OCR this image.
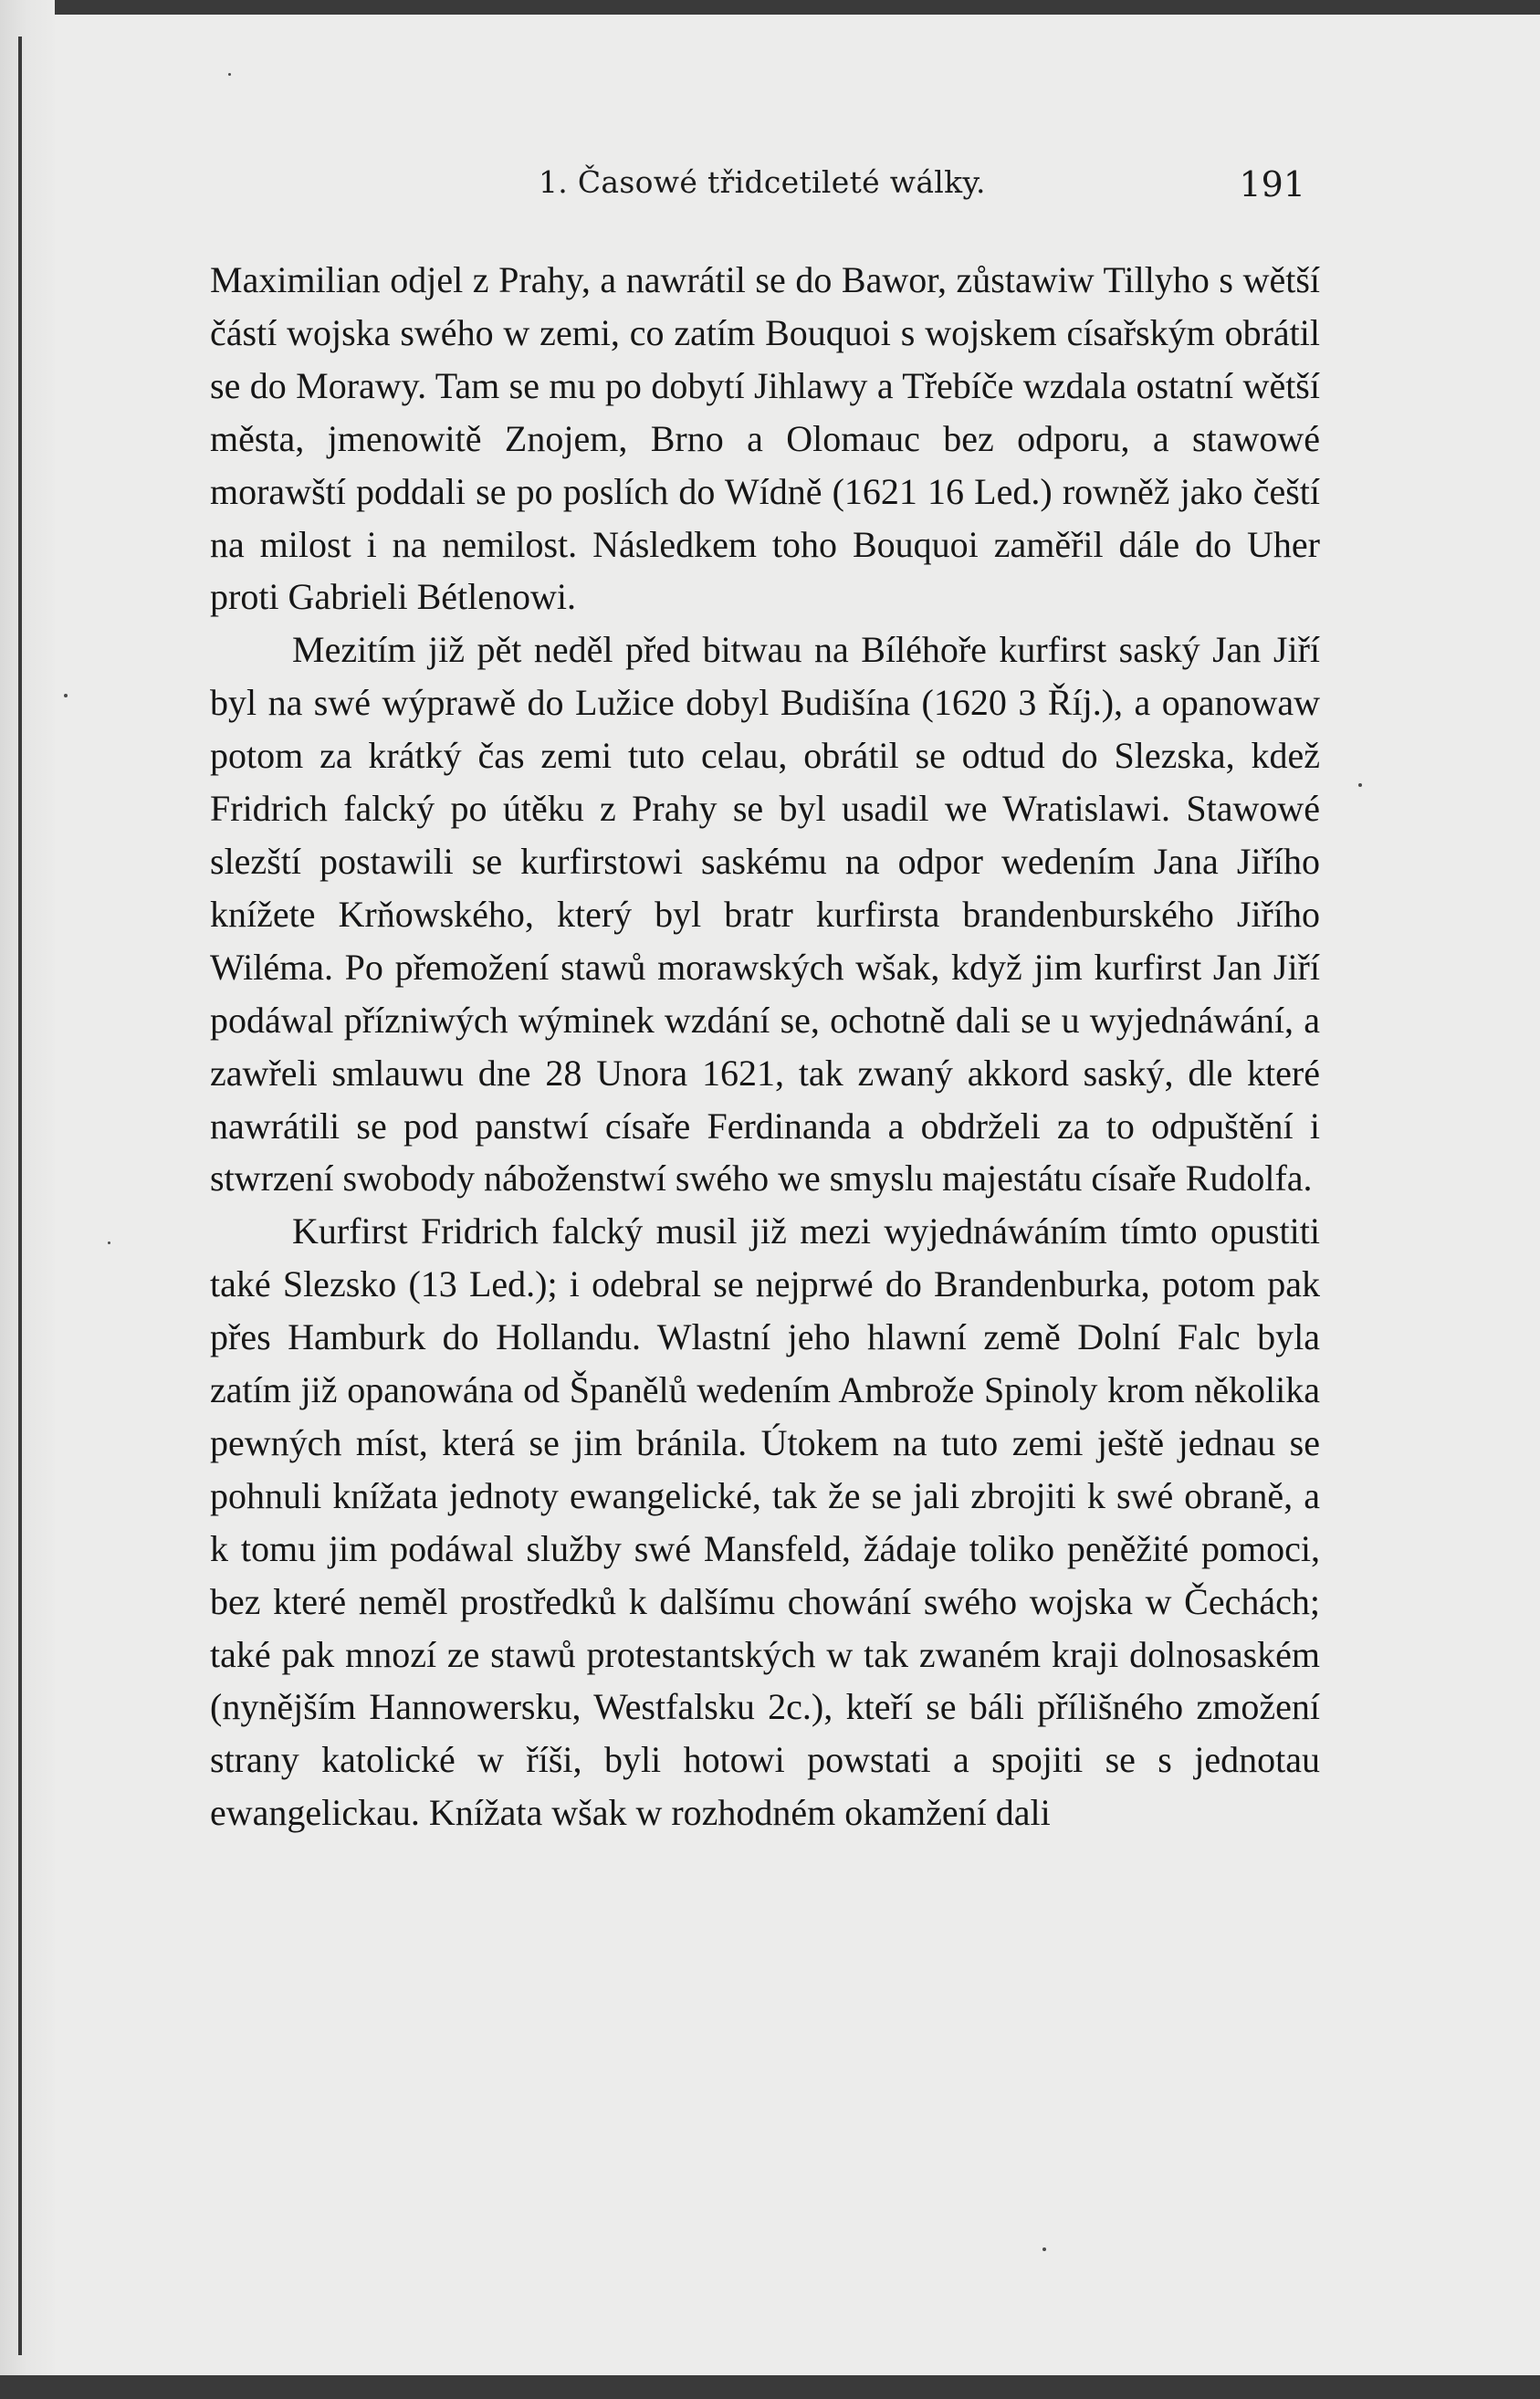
1. Časowé třidcetileté wálky.	191

Maximilian odjel z Prahy, a nawrátil se do Bawor, zůstawiw Tillyho s wětší částí wojska swého w zemi, co zatím Bouquoi s wojskem císařským obrátil se do Morawy. Tam se mu po dobytí Jihlawy a Třebíče wzdala ostatní wětší města, jmenowitě Znojem, Brno a Olomauc bez odporu, a stawowé morawští poddali se po poslích do Wídně (1621 16 Led.) rowněž jako čeští na milost i na nemilost. Následkem toho Bouquoi zaměřil dále do Uher proti Gabrieli Bétlenowi.

Mezitím již pět neděl před bitwau na Bíléhoře kurfirst saský Jan Jiří byl na swé wýprawě do Lužice dobyl Budišína (1620 3 Říj.), a opanowaw potom za krátký čas zemi tuto celau, obrátil se odtud do Slezska, kdež Fridrich falcký po útěku z Prahy se byl usadil we Wratislawi. Stawowé slezští postawili se kurfirstowi saskému na odpor wedením Jana Jiřího knížete Krňowského, který byl bratr kurfirsta brandenburského Jiřího Wiléma. Po přemožení stawů morawských wšak, když jim kurfirst Jan Jiří podáwal přízniwých wýminek wzdání se, ochotně dali se u wyjednáwání, a zawřeli smlauwu dne 28 Unora 1621, tak zwaný akkord saský, dle které nawrátili se pod panstwí císaře Ferdinanda a obdrželi za to odpuštění i stwrzení swobody náboženstwí swého we smyslu majestátu císaře Rudolfa.

Kurfirst Fridrich falcký musil již mezi wyjednáwáním tímto opustiti také Slezsko (13 Led.); i odebral se nejprwé do Brandenburka, potom pak přes Hamburk do Hollandu. Wlastní jeho hlawní země Dolní Falc byla zatím již opanowána od Španělů wedením Ambrože Spinoly krom několika pewných míst, která se jim bránila. Útokem na tuto zemi ještě jednau se pohnuli knížata jednoty ewangelické, tak že se jali zbrojiti k swé obraně, a k tomu jim podáwal služby swé Mansfeld, žádaje toliko peněžité pomoci, bez které neměl prostředků k dalšímu chowání swého wojska w Čechách; také pak mnozí ze stawů protestantských w tak zwaném kraji dolnosaském (nynějším Hannowersku, Westfalsku 2c.), kteří se báli přílišného zmožení strany katolické w říši, byli hotowi powstati a spojiti se s jednotau ewangelickau. Knížata wšak w rozhodném okamžení dali
